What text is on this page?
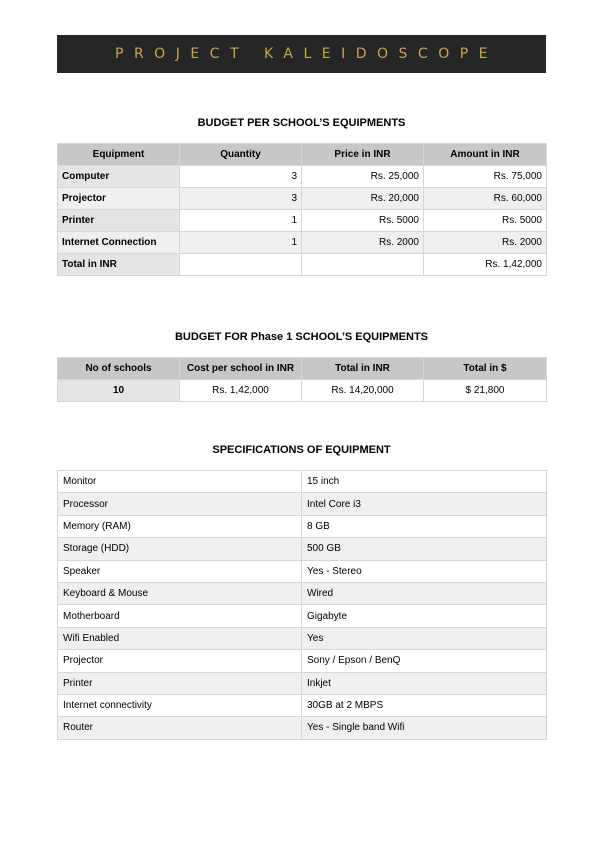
PROJECT KALEIDOSCOPE
BUDGET PER SCHOOL’S EQUIPMENTS
Equipment	Quantity	Price in INR	Amount in INR
Computer	3	Rs. 25,000	Rs. 75,000
Projector	3	Rs. 20,000	Rs. 60,000
Printer	1	Rs. 5000	Rs. 5000
Internet Connection	1	Rs. 2000	Rs. 2000
Total in INR			Rs. 1,42,000
BUDGET FOR Phase 1 SCHOOL’S EQUIPMENTS
No of schools	Cost per school in INR	Total in INR	Total in $
10	Rs. 1,42,000	Rs. 14,20,000	$ 21,800
SPECIFICATIONS OF EQUIPMENT
Monitor	15 inch
Processor	Intel Core i3
Memory (RAM)	8 GB
Storage (HDD)	500 GB
Speaker	Yes - Stereo
Keyboard & Mouse	Wired
Motherboard	Gigabyte
Wifi Enabled	Yes
Projector	Sony / Epson / BenQ
Printer	Inkjet
Internet connectivity	30GB at 2 MBPS
Router	Yes - Single band Wifi
